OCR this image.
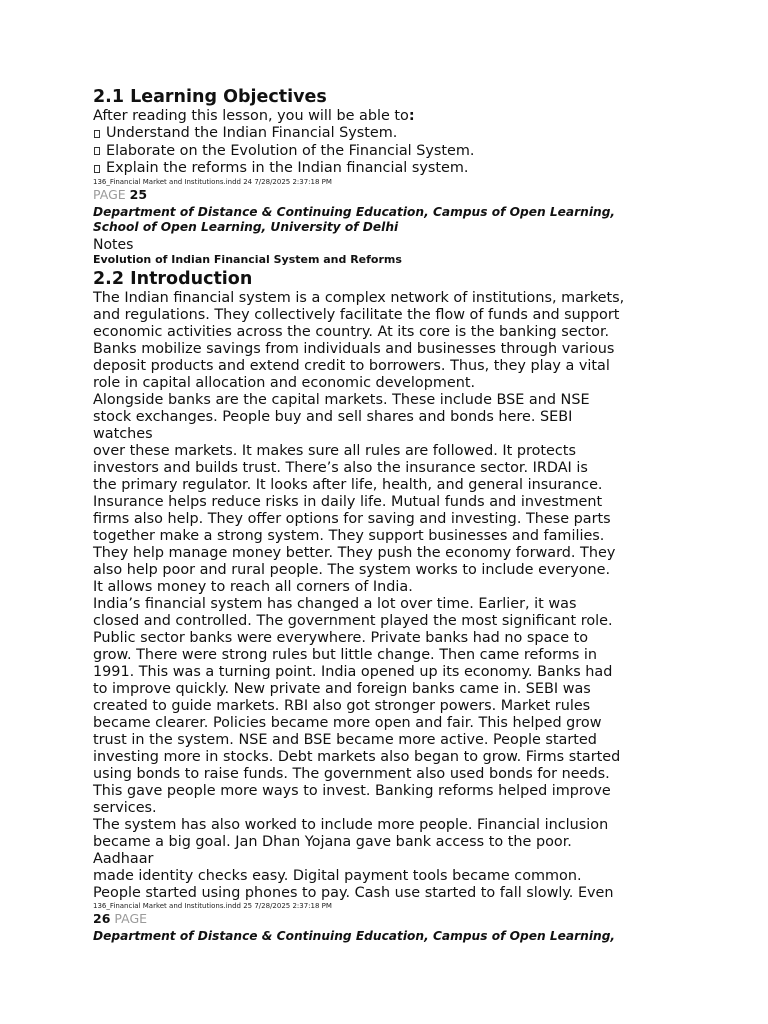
2.1 Learning Objectives

After reading this lesson, you will be able to:

Understand the Indian Financial System.

Elaborate on the Evolution of the Financial System.

Explain the reforms in the Indian financial system.

136_Financial Market and Institutions.indd 24 7/28/2025 2:37:18 PM

PAGE 25

Department of Distance & Continuing Education, Campus of Open Learning,

School of Open Learning, University of Delhi

Notes

Evolution of Indian Financial System and Reforms

2.2 Introduction

The Indian financial system is a complex network of institutions, markets,

and regulations. They collectively facilitate the flow of funds and support

economic activities across the country. At its core is the banking sector.

Banks mobilize savings from individuals and businesses through various

deposit products and extend credit to borrowers. Thus, they play a vital

role in capital allocation and economic development.

Alongside banks are the capital markets. These include BSE and NSE

stock exchanges. People buy and sell shares and bonds here. SEBI

watches

over these markets. It makes sure all rules are followed. It protects

investors and builds trust. There’s also the insurance sector. IRDAI is

the primary regulator. It looks after life, health, and general insurance.

Insurance helps reduce risks in daily life. Mutual funds and investment

firms also help. They offer options for saving and investing. These parts

together make a strong system. They support businesses and families.

They help manage money better. They push the economy forward. They

also help poor and rural people. The system works to include everyone.

It allows money to reach all corners of India.

India’s financial system has changed a lot over time. Earlier, it was

closed and controlled. The government played the most significant role.

Public sector banks were everywhere. Private banks had no space to

grow. There were strong rules but little change. Then came reforms in

1991. This was a turning point. India opened up its economy. Banks had

to improve quickly. New private and foreign banks came in. SEBI was

created to guide markets. RBI also got stronger powers. Market rules

became clearer. Policies became more open and fair. This helped grow

trust in the system. NSE and BSE became more active. People started

investing more in stocks. Debt markets also began to grow. Firms started

using bonds to raise funds. The government also used bonds for needs.

This gave people more ways to invest. Banking reforms helped improve

services.

The system has also worked to include more people. Financial inclusion

became a big goal. Jan Dhan Yojana gave bank access to the poor.

Aadhaar

made identity checks easy. Digital payment tools became common.

People started using phones to pay. Cash use started to fall slowly. Even

136_Financial Market and Institutions.indd 25 7/28/2025 2:37:18 PM

26 PAGE

Department of Distance & Continuing Education, Campus of Open Learning,
